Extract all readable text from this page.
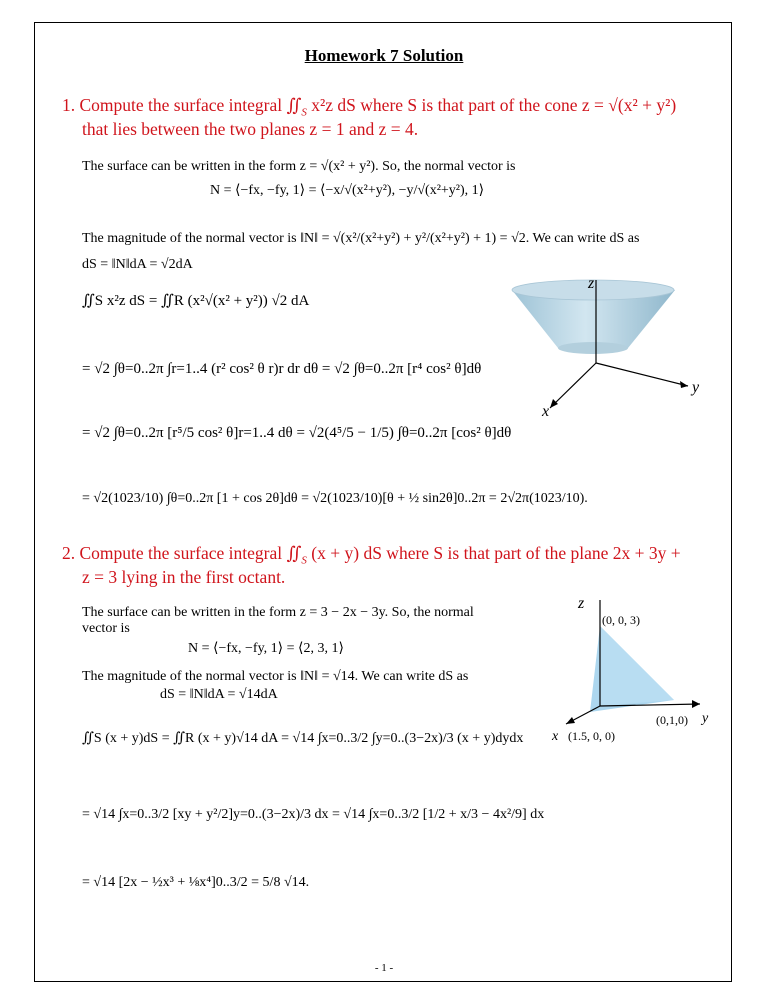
Homework 7 Solution
1. Compute the surface integral $∬_S$ x²z dS where S is that part of the cone z = √(x² + y²)
that lies between the two planes z = 1 and z = 4.
The surface can be written in the form z = √(x² + y²). So, the normal vector is
N = ⟨−fx, −fy, 1⟩ = ⟨−x/√(x²+y²), −y/√(x²+y²), 1⟩
The magnitude of the normal vector is ‖N‖ = √(x²/(x²+y²) + y²/(x²+y²) + 1) = √2. We can write dS as
dS = ‖N‖dA = √2dA
∬S x²z dS = ∬R (x²√(x² + y²)) √2 dA
= √2 ∫θ=0..2π ∫r=1..4 (r² cos² θ r)r dr dθ = √2 ∫θ=0..2π [r⁴ cos² θ]dθ
= √2 ∫θ=0..2π [r⁵/5 cos² θ]r=1..4 dθ = √2(4⁵/5 − 1/5) ∫θ=0..2π [cos² θ]dθ
= √2(1023/10) ∫θ=0..2π [1 + cos 2θ]dθ = √2(1023/10)[θ + ½ sin2θ]0..2π = 2√2π(1023/10).
z
y
x
2. Compute the surface integral $∬_S$ (x + y) dS where S is that part of the plane 2x + 3y +
z = 3 lying in the first octant.
The surface can be written in the form z = 3 − 2x − 3y. So, the normal
vector is
N = ⟨−fx, −fy, 1⟩ = ⟨2, 3, 1⟩
The magnitude of the normal vector is ‖N‖ = √14. We can write dS as
dS = ‖N‖dA = √14dA
∬S (x + y)dS = ∬R (x + y)√14 dA = √14 ∫x=0..3/2 ∫y=0..(3−2x)/3 (x + y)dydx
= √14 ∫x=0..3/2 [xy + y²/2]y=0..(3−2x)/3 dx = √14 ∫x=0..3/2 [1/2 + x/3 − 4x²/9] dx
= √14 [2x − ½x³ + ⅛x⁴]0..3/2 = 5/8 √14.
z
(0, 0, 3)
(0,1,0) y
x (1.5, 0, 0)
- 1 -
